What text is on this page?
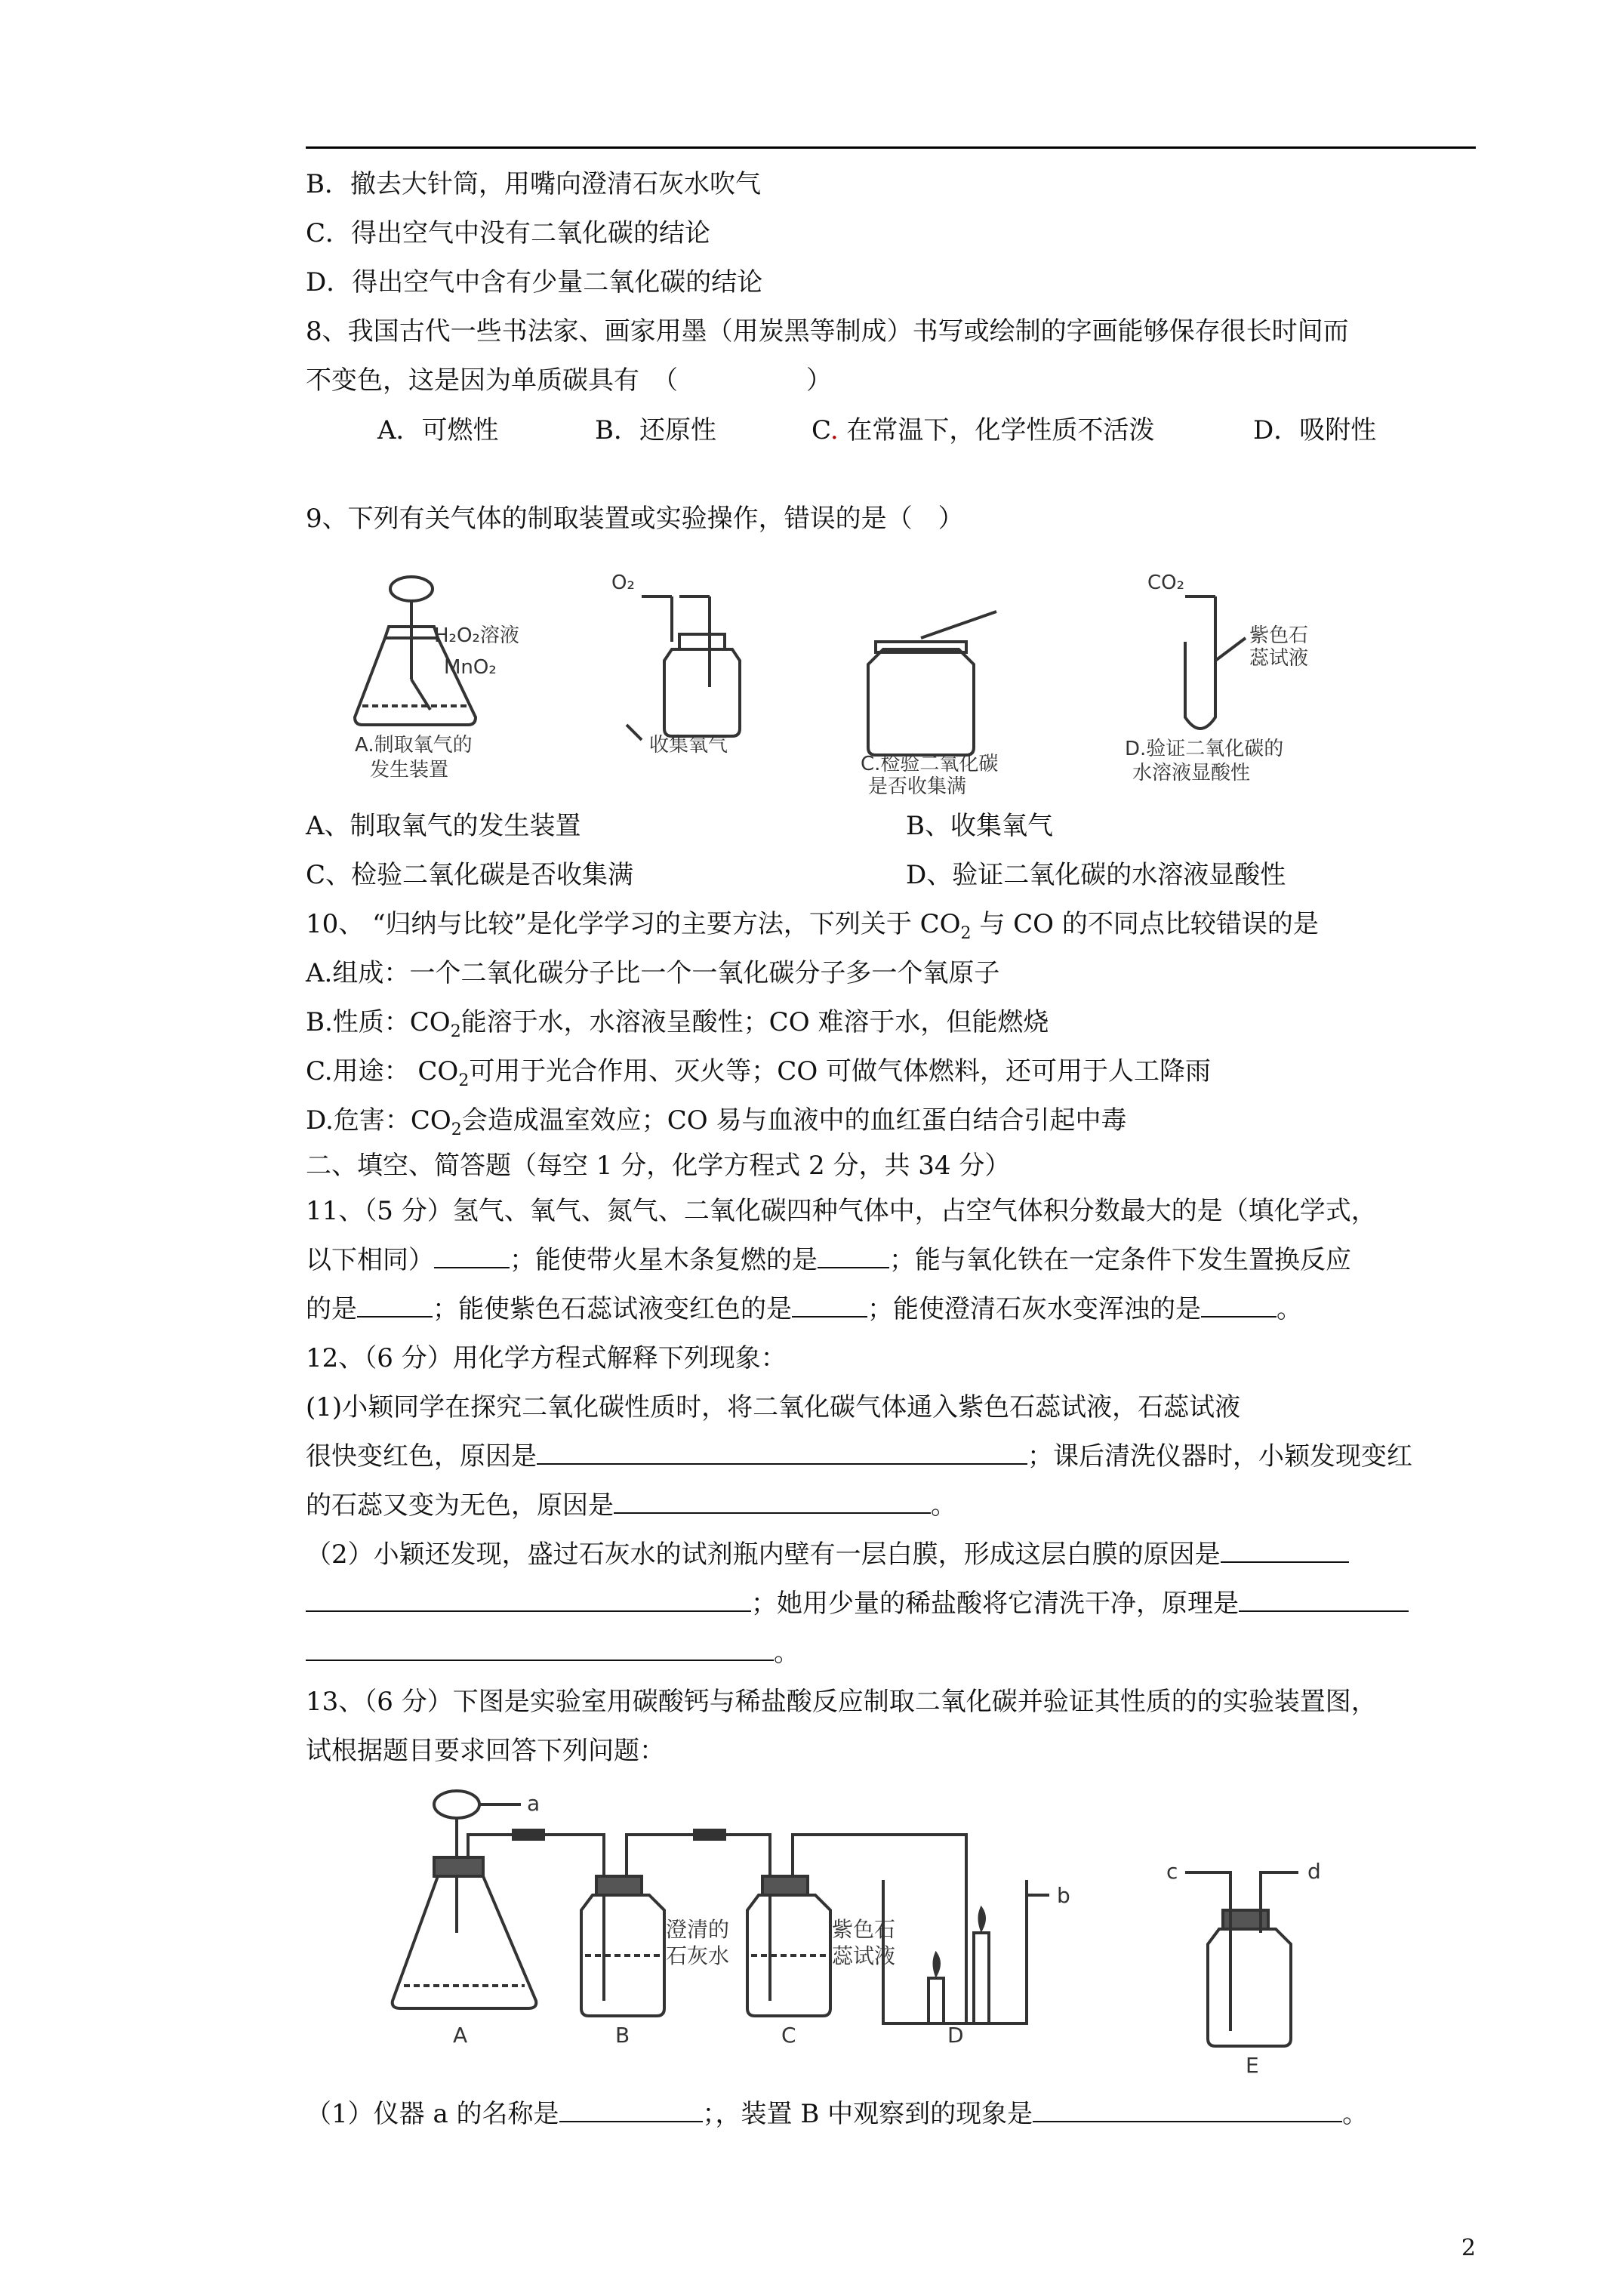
B．撤去大针筒，用嘴向澄清石灰水吹气
C．得出空气中没有二氧化碳的结论
D．得出空气中含有少量二氧化碳的结论
8、我国古代一些书法家、画家用墨（用炭黑等制成）书写或绘制的字画能够保存很长时间而
不变色，这是因为单质碳具有　（　　　　　）
A．可燃性	B．还原性	C. 在常温下，化学性质不活泼	D．吸附性
9、下列有关气体的制取装置或实验操作，错误的是（　）
H₂O₂溶液
MnO₂
A.制取氧气的
发生装置
O₂
收集氧气
C.检验二氧化碳
是否收集满
CO₂
紫色石
蕊试液
D.验证二氧化碳的
水溶液显酸性
A、制取氧气的发生装置	B、收集氧气
C、检验二氧化碳是否收集满	D、验证二氧化碳的水溶液显酸性
10、 “归纳与比较”是化学学习的主要方法，下列关于 $CO_2$ 与 CO 的不同点比较错误的是
A.组成：一个二氧化碳分子比一个一氧化碳分子多一个氧原子
B.性质：$CO_2$能溶于水，水溶液呈酸性；CO 难溶于水，但能燃烧
C.用途： $CO_2$可用于光合作用、灭火等；CO 可做气体燃料，还可用于人工降雨
D.危害：$CO_2$会造成温室效应；CO 易与血液中的血红蛋白结合引起中毒
二、填空、简答题（每空 1 分，化学方程式 2 分，共 34 分）
11、（5 分）氢气、氧气、氮气、二氧化碳四种气体中，占空气体积分数最大的是（填化学式，
以下相同）	；能使带火星木条复燃的是	；能与氧化铁在一定条件下发生置换反应
的是	；能使紫色石蕊试液变红色的是	；能使澄清石灰水变浑浊的是	。
12、（6 分）用化学方程式解释下列现象：
(1)小颖同学在探究二氧化碳性质时，将二氧化碳气体通入紫色石蕊试液，石蕊试液
很快变红色，原因是	；课后清洗仪器时，小颖发现变红
的石蕊又变为无色，原因是	。
（2）小颖还发现，盛过石灰水的试剂瓶内壁有一层白膜，形成这层白膜的原因是
；她用少量的稀盐酸将它清洗干净，原理是
。
13、（6 分）下图是实验室用碳酸钙与稀盐酸反应制取二氧化碳并验证其性质的的实验装置图，
试根据题目要求回答下列问题：
a
b
c	d
A	B	C	D
E
澄清的
石灰水
紫色石
蕊试液
（1）仪器 a 的名称是	；，装置 B 中观察到的现象是	。
2
